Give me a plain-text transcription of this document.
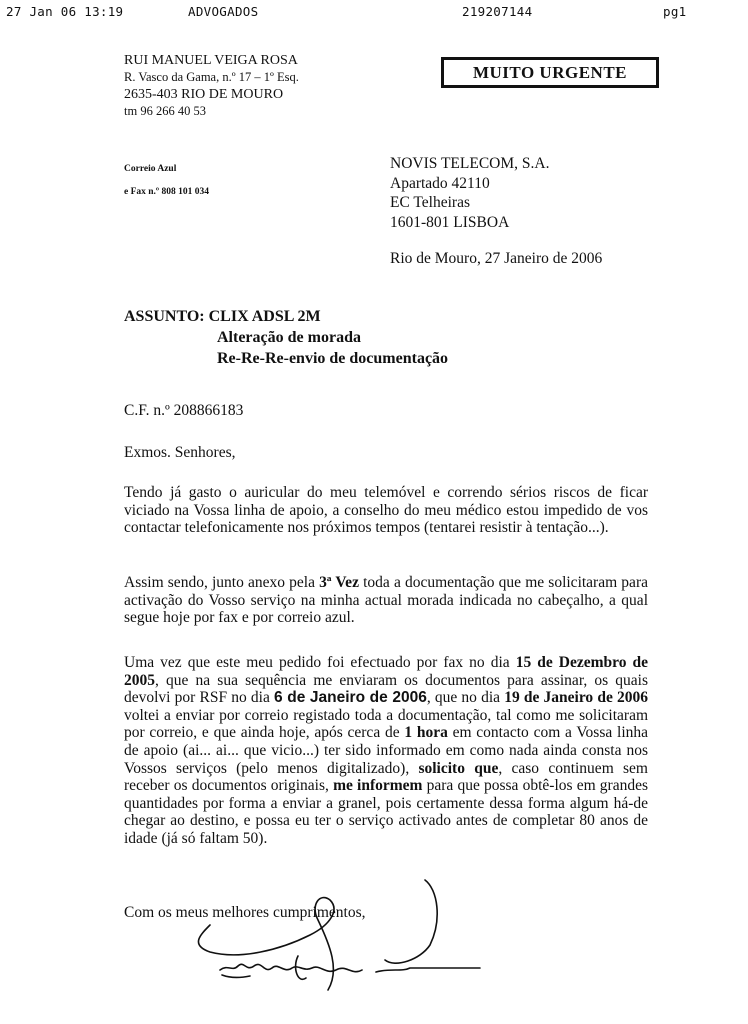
27 Jan 06 13:19	ADVOGADOS	219207144	pg1
RUI MANUEL VEIGA ROSA
R. Vasco da Gama, n.º 17 – 1º Esq.
2635-403 RIO DE MOURO
tm 96 266 40 53
MUITO URGENTE
Correio Azul
e Fax n.º 808 101 034
NOVIS TELECOM, S.A.
Apartado 42110
EC Telheiras
1601-801 LISBOA
Rio de Mouro, 27 Janeiro de 2006
ASSUNTO: CLIX ADSL 2M
Alteração de morada
Re-Re-Re-envio de documentação
C.F. n.º 208866183
Exmos. Senhores,
Tendo já gasto o auricular do meu telemóvel e correndo sérios riscos de ficar viciado na Vossa linha de apoio, a conselho do meu médico estou impedido de vos contactar telefonicamente nos próximos tempos (tentarei resistir à tentação...).
Assim sendo, junto anexo pela 3ª Vez toda a documentação que me solicitaram para activação do Vosso serviço na minha actual morada indicada no cabeçalho, a qual segue hoje por fax e por correio azul.
Uma vez que este meu pedido foi efectuado por fax no dia 15 de Dezembro de 2005, que na sua sequência me enviaram os documentos para assinar, os quais devolvi por RSF no dia 6 de Janeiro de 2006, que no dia 19 de Janeiro de 2006 voltei a enviar por correio registado toda a documentação, tal como me solicitaram por correio, e que ainda hoje, após cerca de 1 hora em contacto com a Vossa linha de apoio (ai... ai... que vicio...) ter sido informado em como nada ainda consta nos Vossos serviços (pelo menos digitalizado), solicito que, caso continuem sem receber os documentos originais, me informem para que possa obtê-los em grandes quantidades por forma a enviar a granel, pois certamente dessa forma algum há-de chegar ao destino, e possa eu ter o serviço activado antes de completar 80 anos de idade (já só faltam 50).
Com os meus melhores cumprimentos,
